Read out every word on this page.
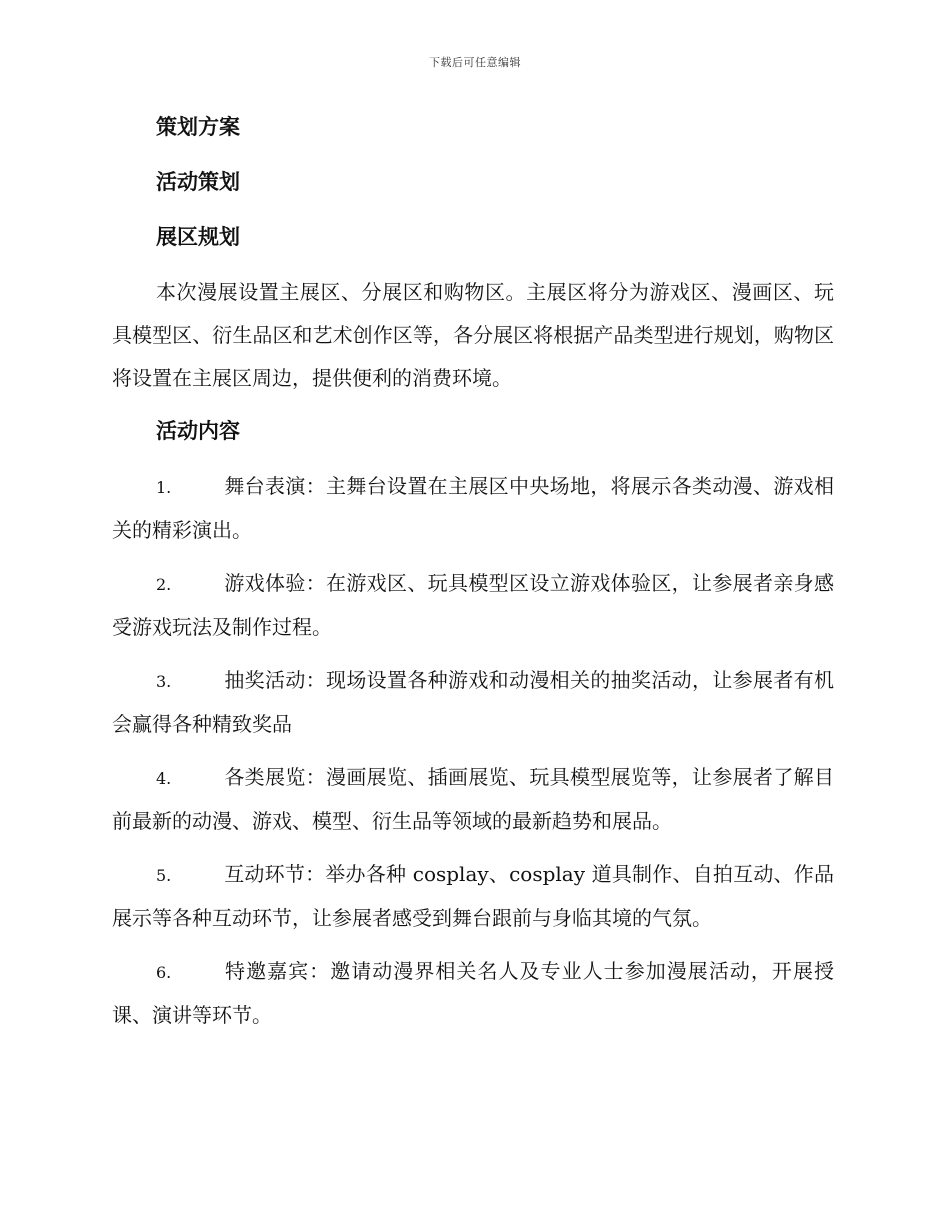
下载后可任意编辑
策划方案
活动策划
展区规划

本次漫展设置主展区、分展区和购物区。主展区将分为游戏区、漫画区、玩具模型区、衍生品区和艺术创作区等，各分展区将根据产品类型进行规划，购物区将设置在主展区周边，提供便利的消费环境。

活动内容

1.	舞台表演：主舞台设置在主展区中央场地，将展示各类动漫、游戏相关的精彩演出。

2.	游戏体验：在游戏区、玩具模型区设立游戏体验区，让参展者亲身感受游戏玩法及制作过程。

3.	抽奖活动：现场设置各种游戏和动漫相关的抽奖活动，让参展者有机会赢得各种精致奖品

4.	各类展览：漫画展览、插画展览、玩具模型展览等，让参展者了解目前最新的动漫、游戏、模型、衍生品等领域的最新趋势和展品。

5.	互动环节：举办各种 cosplay、cosplay 道具制作、自拍互动、作品展示等各种互动环节，让参展者感受到舞台跟前与身临其境的气氛。

6.	特邀嘉宾：邀请动漫界相关名人及专业人士参加漫展活动，开展授课、演讲等环节。
